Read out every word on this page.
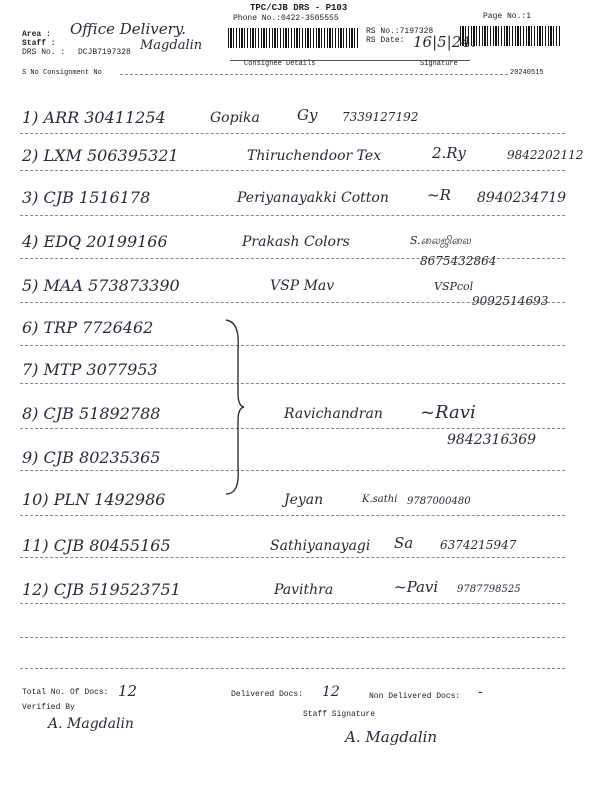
TPC/CJB DRS - P103
Phone No.:0422-3505555	Page No.:1
Area : Office Delivery.
Staff :
DRS No. : DCJB7197328 Magdalin
RS No.:7197328
RS Date: 16|5|24.
Consignee Details	Signature
S No Consignment No	20240515
1) ARR 30411254	Gopika Gy 7339127192
2) LXM 506395321	Thiruchendoor Tex	2.Ry	9842202112
3) CJB 1516178	Periyanayakki Cotton	~R 8940234719
4) EDQ 20199166	Prakash Colors	S.லைஜிலை
8675432864
5) MAA 573873390	VSP Mav	VSPcol
9092514693
6) TRP 7726462
7) MTP 3077953
8) CJB 51892788	Ravichandran ~Ravi
9842316369
9) CJB 80235365
10) PLN 1492986	Jeyan	K.sathi 9787000480
11) CJB 80455165	Sathiyanayagi Sa 6374215947
12) CJB 519523751	Pavithra	~Pavi 9787798525
Total No. Of Docs: 12	Delivered Docs: 12	Non Delivered Docs: -
Verified By
A. Magdalin
Staff Signature
A. Magdalin
